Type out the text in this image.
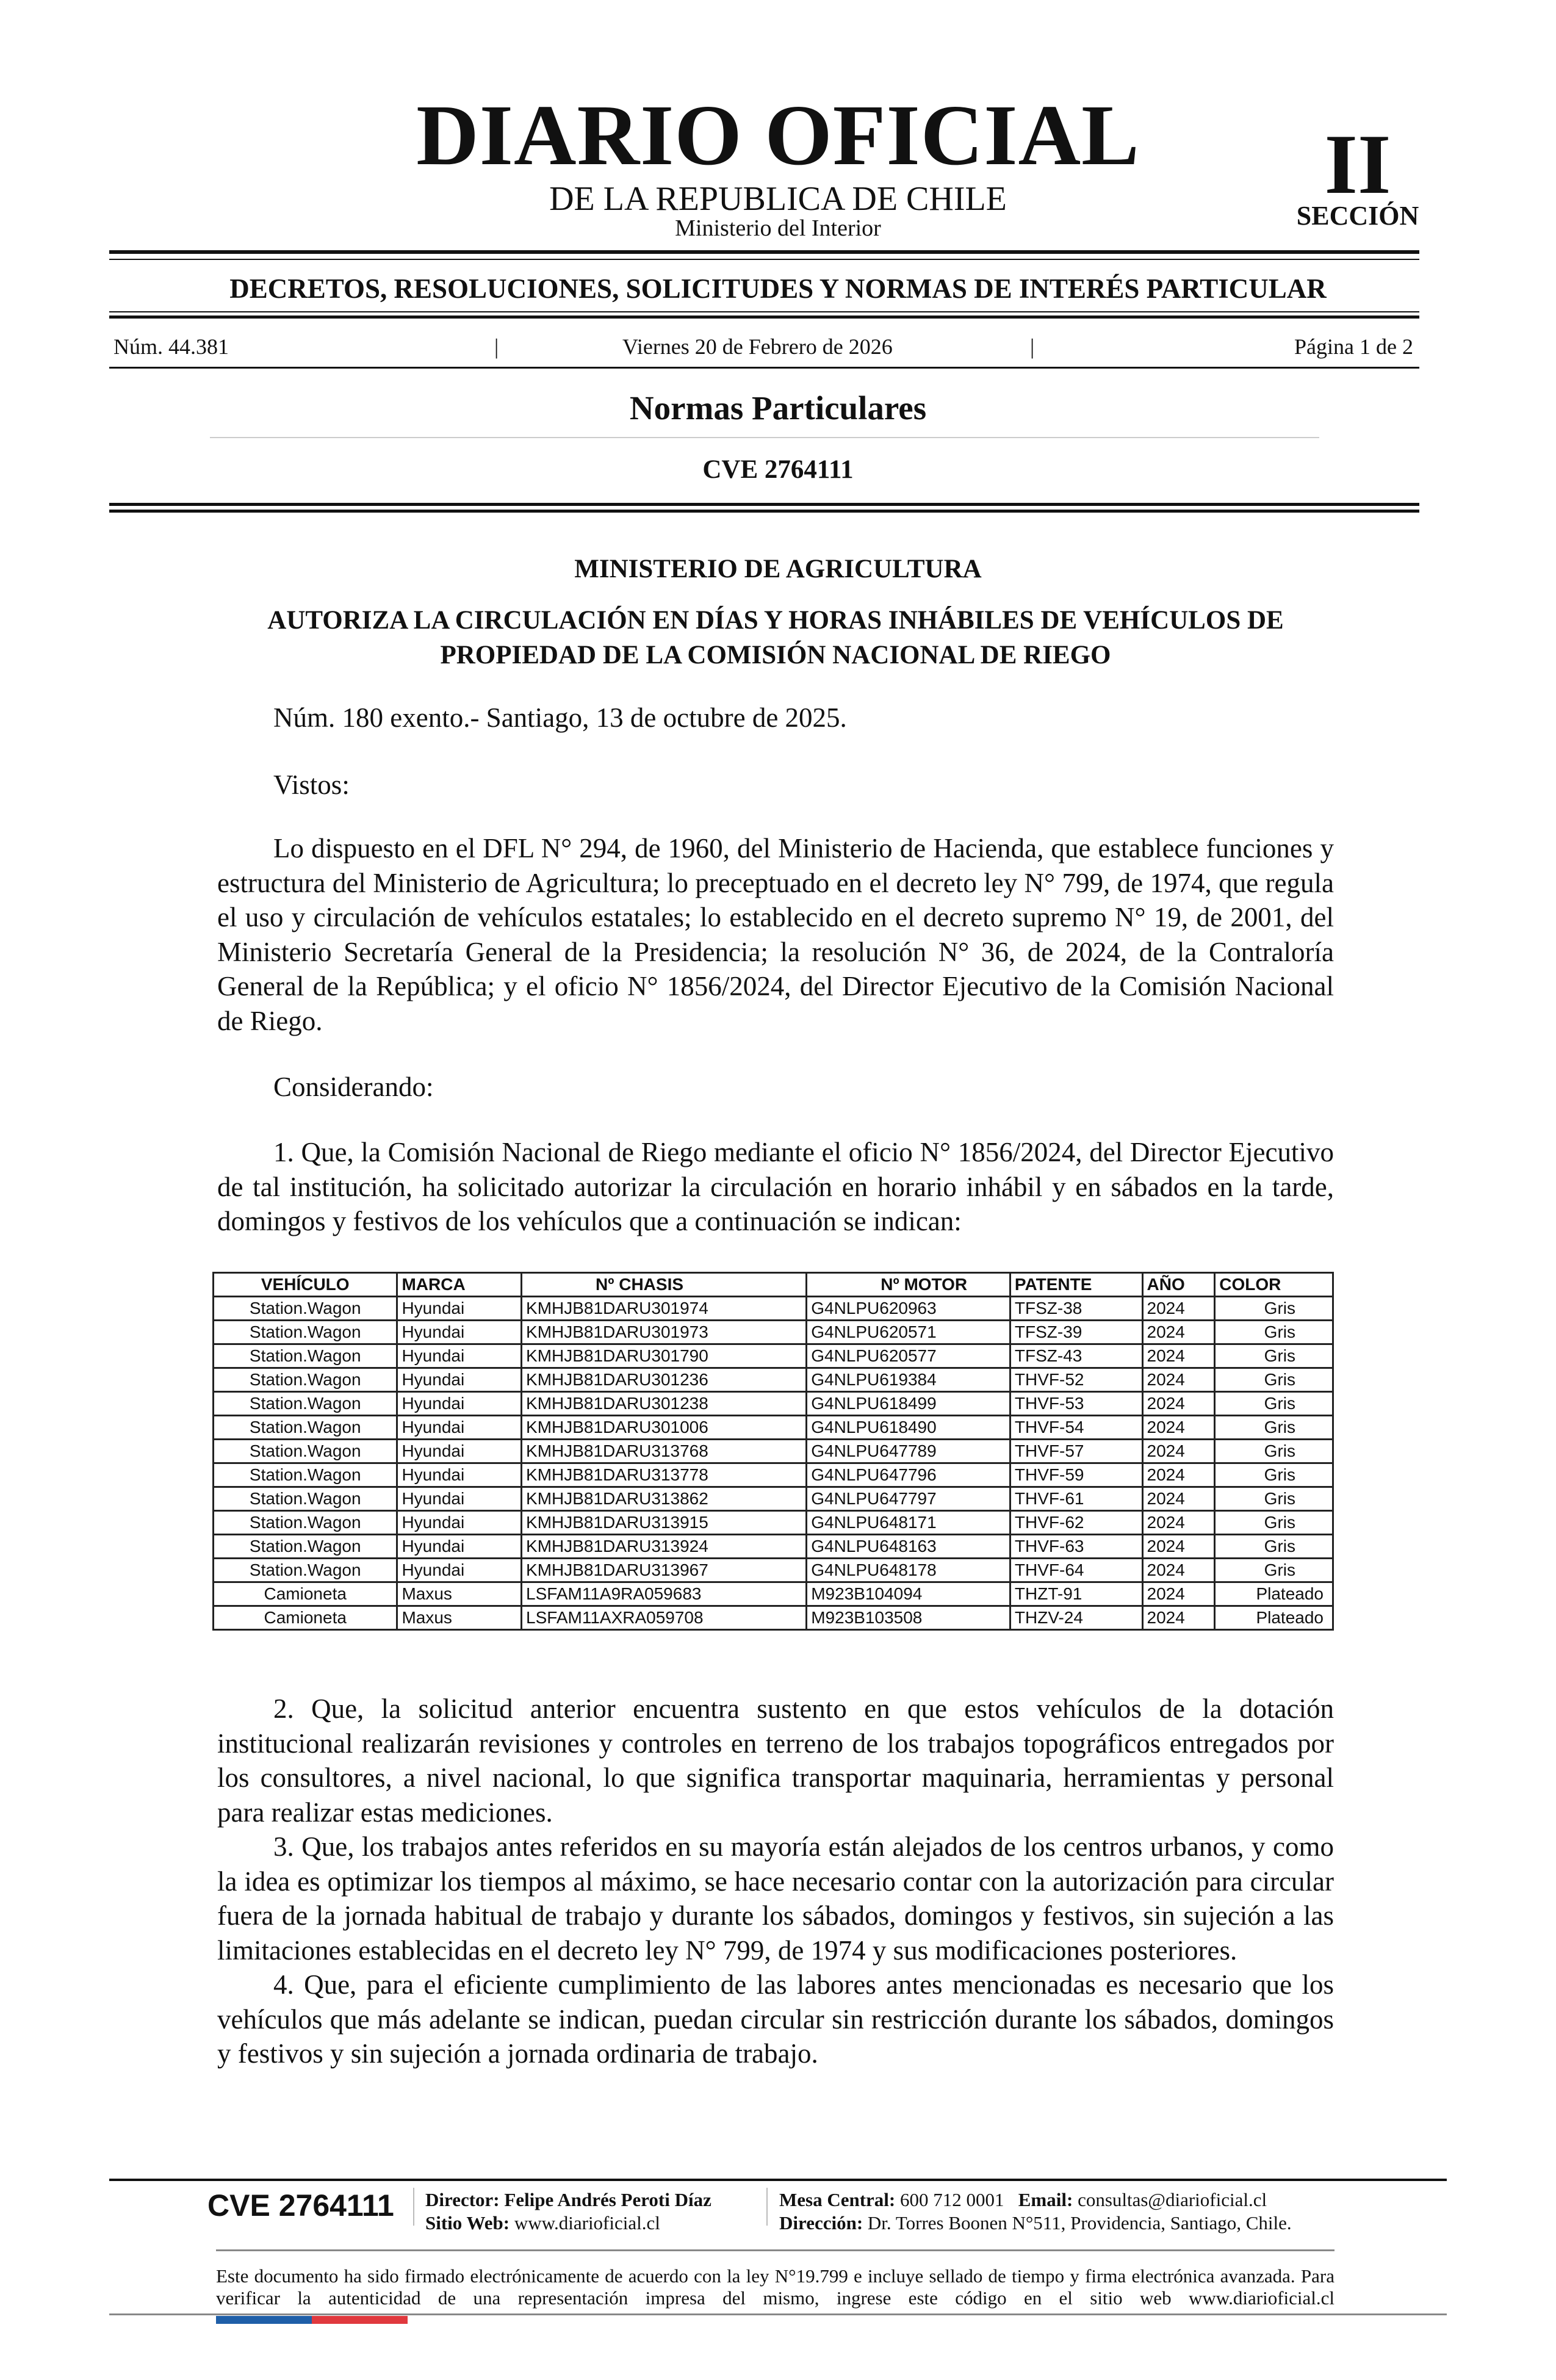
DIARIO OFICIAL
DE LA REPUBLICA DE CHILE
Ministerio del Interior
II
SECCIÓN
DECRETOS, RESOLUCIONES, SOLICITUDES Y NORMAS DE INTERÉS PARTICULAR
Núm. 44.381	|	Viernes 20 de Febrero de 2026	|	Página 1 de 2
Normas Particulares
CVE 2764111
MINISTERIO DE AGRICULTURA
AUTORIZA LA CIRCULACIÓN EN DÍAS Y HORAS INHÁBILES DE VEHÍCULOS DE PROPIEDAD DE LA COMISIÓN NACIONAL DE RIEGO

Núm. 180 exento.- Santiago, 13 de octubre de 2025.

Vistos:

Lo dispuesto en el DFL N° 294, de 1960, del Ministerio de Hacienda, que establece funciones y estructura del Ministerio de Agricultura; lo preceptuado en el decreto ley N° 799, de 1974, que regula el uso y circulación de vehículos estatales; lo establecido en el decreto supremo N° 19, de 2001, del Ministerio Secretaría General de la Presidencia; la resolución N° 36, de 2024, de la Contraloría General de la República; y el oficio N° 1856/2024, del Director Ejecutivo de la Comisión Nacional de Riego.

Considerando:

1. Que, la Comisión Nacional de Riego mediante el oficio N° 1856/2024, del Director Ejecutivo de tal institución, ha solicitado autorizar la circulación en horario inhábil y en sábados en la tarde, domingos y festivos de los vehículos que a continuación se indican:

VEHÍCULO	MARCA	Nº CHASIS	Nº MOTOR	PATENTE	AÑO	COLOR
Station.Wagon	Hyundai	KMHJB81DARU301974	G4NLPU620963	TFSZ-38	2024	Gris
Station.Wagon	Hyundai	KMHJB81DARU301973	G4NLPU620571	TFSZ-39	2024	Gris
Station.Wagon	Hyundai	KMHJB81DARU301790	G4NLPU620577	TFSZ-43	2024	Gris
Station.Wagon	Hyundai	KMHJB81DARU301236	G4NLPU619384	THVF-52	2024	Gris
Station.Wagon	Hyundai	KMHJB81DARU301238	G4NLPU618499	THVF-53	2024	Gris
Station.Wagon	Hyundai	KMHJB81DARU301006	G4NLPU618490	THVF-54	2024	Gris
Station.Wagon	Hyundai	KMHJB81DARU313768	G4NLPU647789	THVF-57	2024	Gris
Station.Wagon	Hyundai	KMHJB81DARU313778	G4NLPU647796	THVF-59	2024	Gris
Station.Wagon	Hyundai	KMHJB81DARU313862	G4NLPU647797	THVF-61	2024	Gris
Station.Wagon	Hyundai	KMHJB81DARU313915	G4NLPU648171	THVF-62	2024	Gris
Station.Wagon	Hyundai	KMHJB81DARU313924	G4NLPU648163	THVF-63	2024	Gris
Station.Wagon	Hyundai	KMHJB81DARU313967	G4NLPU648178	THVF-64	2024	Gris
Camioneta	Maxus	LSFAM11A9RA059683	M923B104094	THZT-91	2024	Plateado
Camioneta	Maxus	LSFAM11AXRA059708	M923B103508	THZV-24	2024	Plateado

2. Que, la solicitud anterior encuentra sustento en que estos vehículos de la dotación institucional realizarán revisiones y controles en terreno de los trabajos topográficos entregados por los consultores, a nivel nacional, lo que significa transportar maquinaria, herramientas y personal para realizar estas mediciones.

3. Que, los trabajos antes referidos en su mayoría están alejados de los centros urbanos, y como la idea es optimizar los tiempos al máximo, se hace necesario contar con la autorización para circular fuera de la jornada habitual de trabajo y durante los sábados, domingos y festivos, sin sujeción a las limitaciones establecidas en el decreto ley N° 799, de 1974 y sus modificaciones posteriores.

4. Que, para el eficiente cumplimiento de las labores antes mencionadas es necesario que los vehículos que más adelante se indican, puedan circular sin restricción durante los sábados, domingos y festivos y sin sujeción a jornada ordinaria de trabajo.

CVE 2764111 Director: Felipe Andrés Peroti Díaz
Sitio Web: www.diarioficial.cl
Mesa Central: 600 712 0001 Email: consultas@diarioficial.cl
Dirección: Dr. Torres Boonen N°511, Providencia, Santiago, Chile.
Este documento ha sido firmado electrónicamente de acuerdo con la ley N°19.799 e incluye sellado de tiempo y firma electrónica avanzada. Para verificar la autenticidad de una representación impresa del mismo, ingrese este código en el sitio web www.diarioficial.cl
